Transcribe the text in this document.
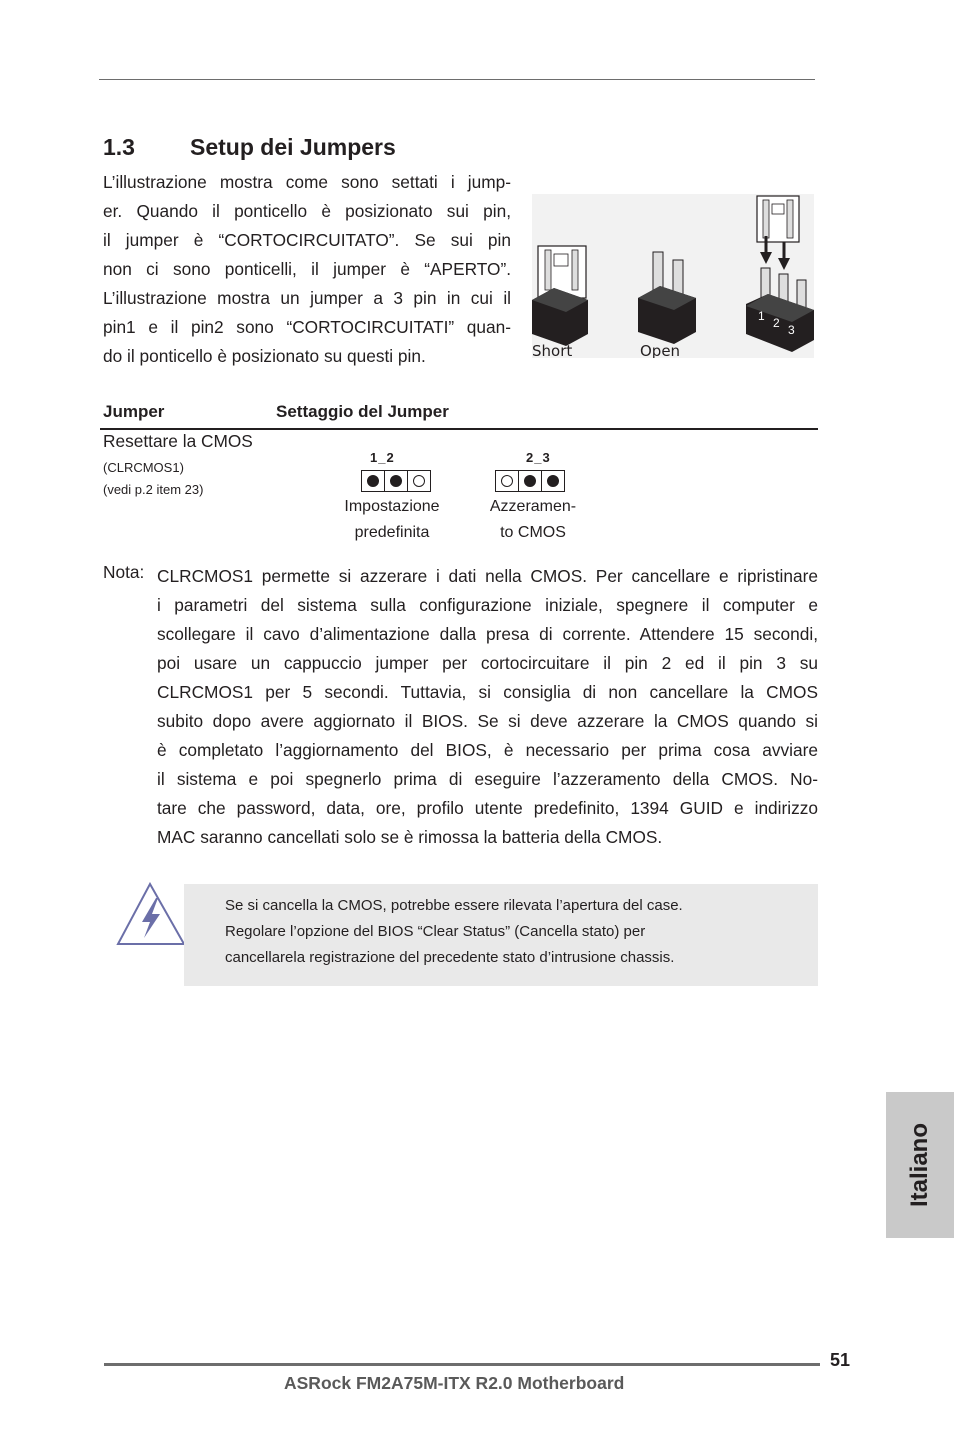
1.3 Setup dei Jumpers
L’illustrazione mostra come sono settati i jump-
er. Quando il ponticello è posizionato sui pin,
il jumper è “CORTOCIRCUITATO”. Se sui pin
non ci sono ponticelli, il jumper è “APERTO”.
L’illustrazione mostra un jumper a 3 pin in cui il
pin1 e il pin2 sono “CORTOCIRCUITATI” quan-
do il ponticello è posizionato su questi pin.
1 2 3
Short	Open
Jumper	Settaggio del Jumper
Resettare la CMOS
(CLRCMOS1)
(vedi p.2 item 23)
1_2
Impostazione
predefinita
2_3
Azzeramen-
to CMOS
Nota: CLRCMOS1 permette si azzerare i dati nella CMOS. Per cancellare e ripristinare
i parametri del sistema sulla configurazione iniziale, spegnere il computer e
scollegare il cavo d’alimentazione dalla presa di corrente. Attendere 15 secondi,
poi usare un cappuccio jumper per cortocircuitare il pin 2 ed il pin 3 su
CLRCMOS1 per 5 secondi. Tuttavia, si consiglia di non cancellare la CMOS
subito dopo avere aggiornato il BIOS. Se si deve azzerare la CMOS quando si
è completato l’aggiornamento del BIOS, è necessario per prima cosa avviare
il sistema e poi spegnerlo prima di eseguire l’azzeramento della CMOS. No-
tare che password, data, ore, profilo utente predefinito, 1394 GUID e indirizzo
MAC saranno cancellati solo se è rimossa la batteria della CMOS.
Se si cancella la CMOS, potrebbe essere rilevata l’apertura del case.
Regolare l’opzione del BIOS “Clear Status” (Cancella stato) per
cancellarela registrazione del precedente stato d’intrusione chassis.
Italiano
51
ASRock FM2A75M-ITX R2.0 Motherboard
